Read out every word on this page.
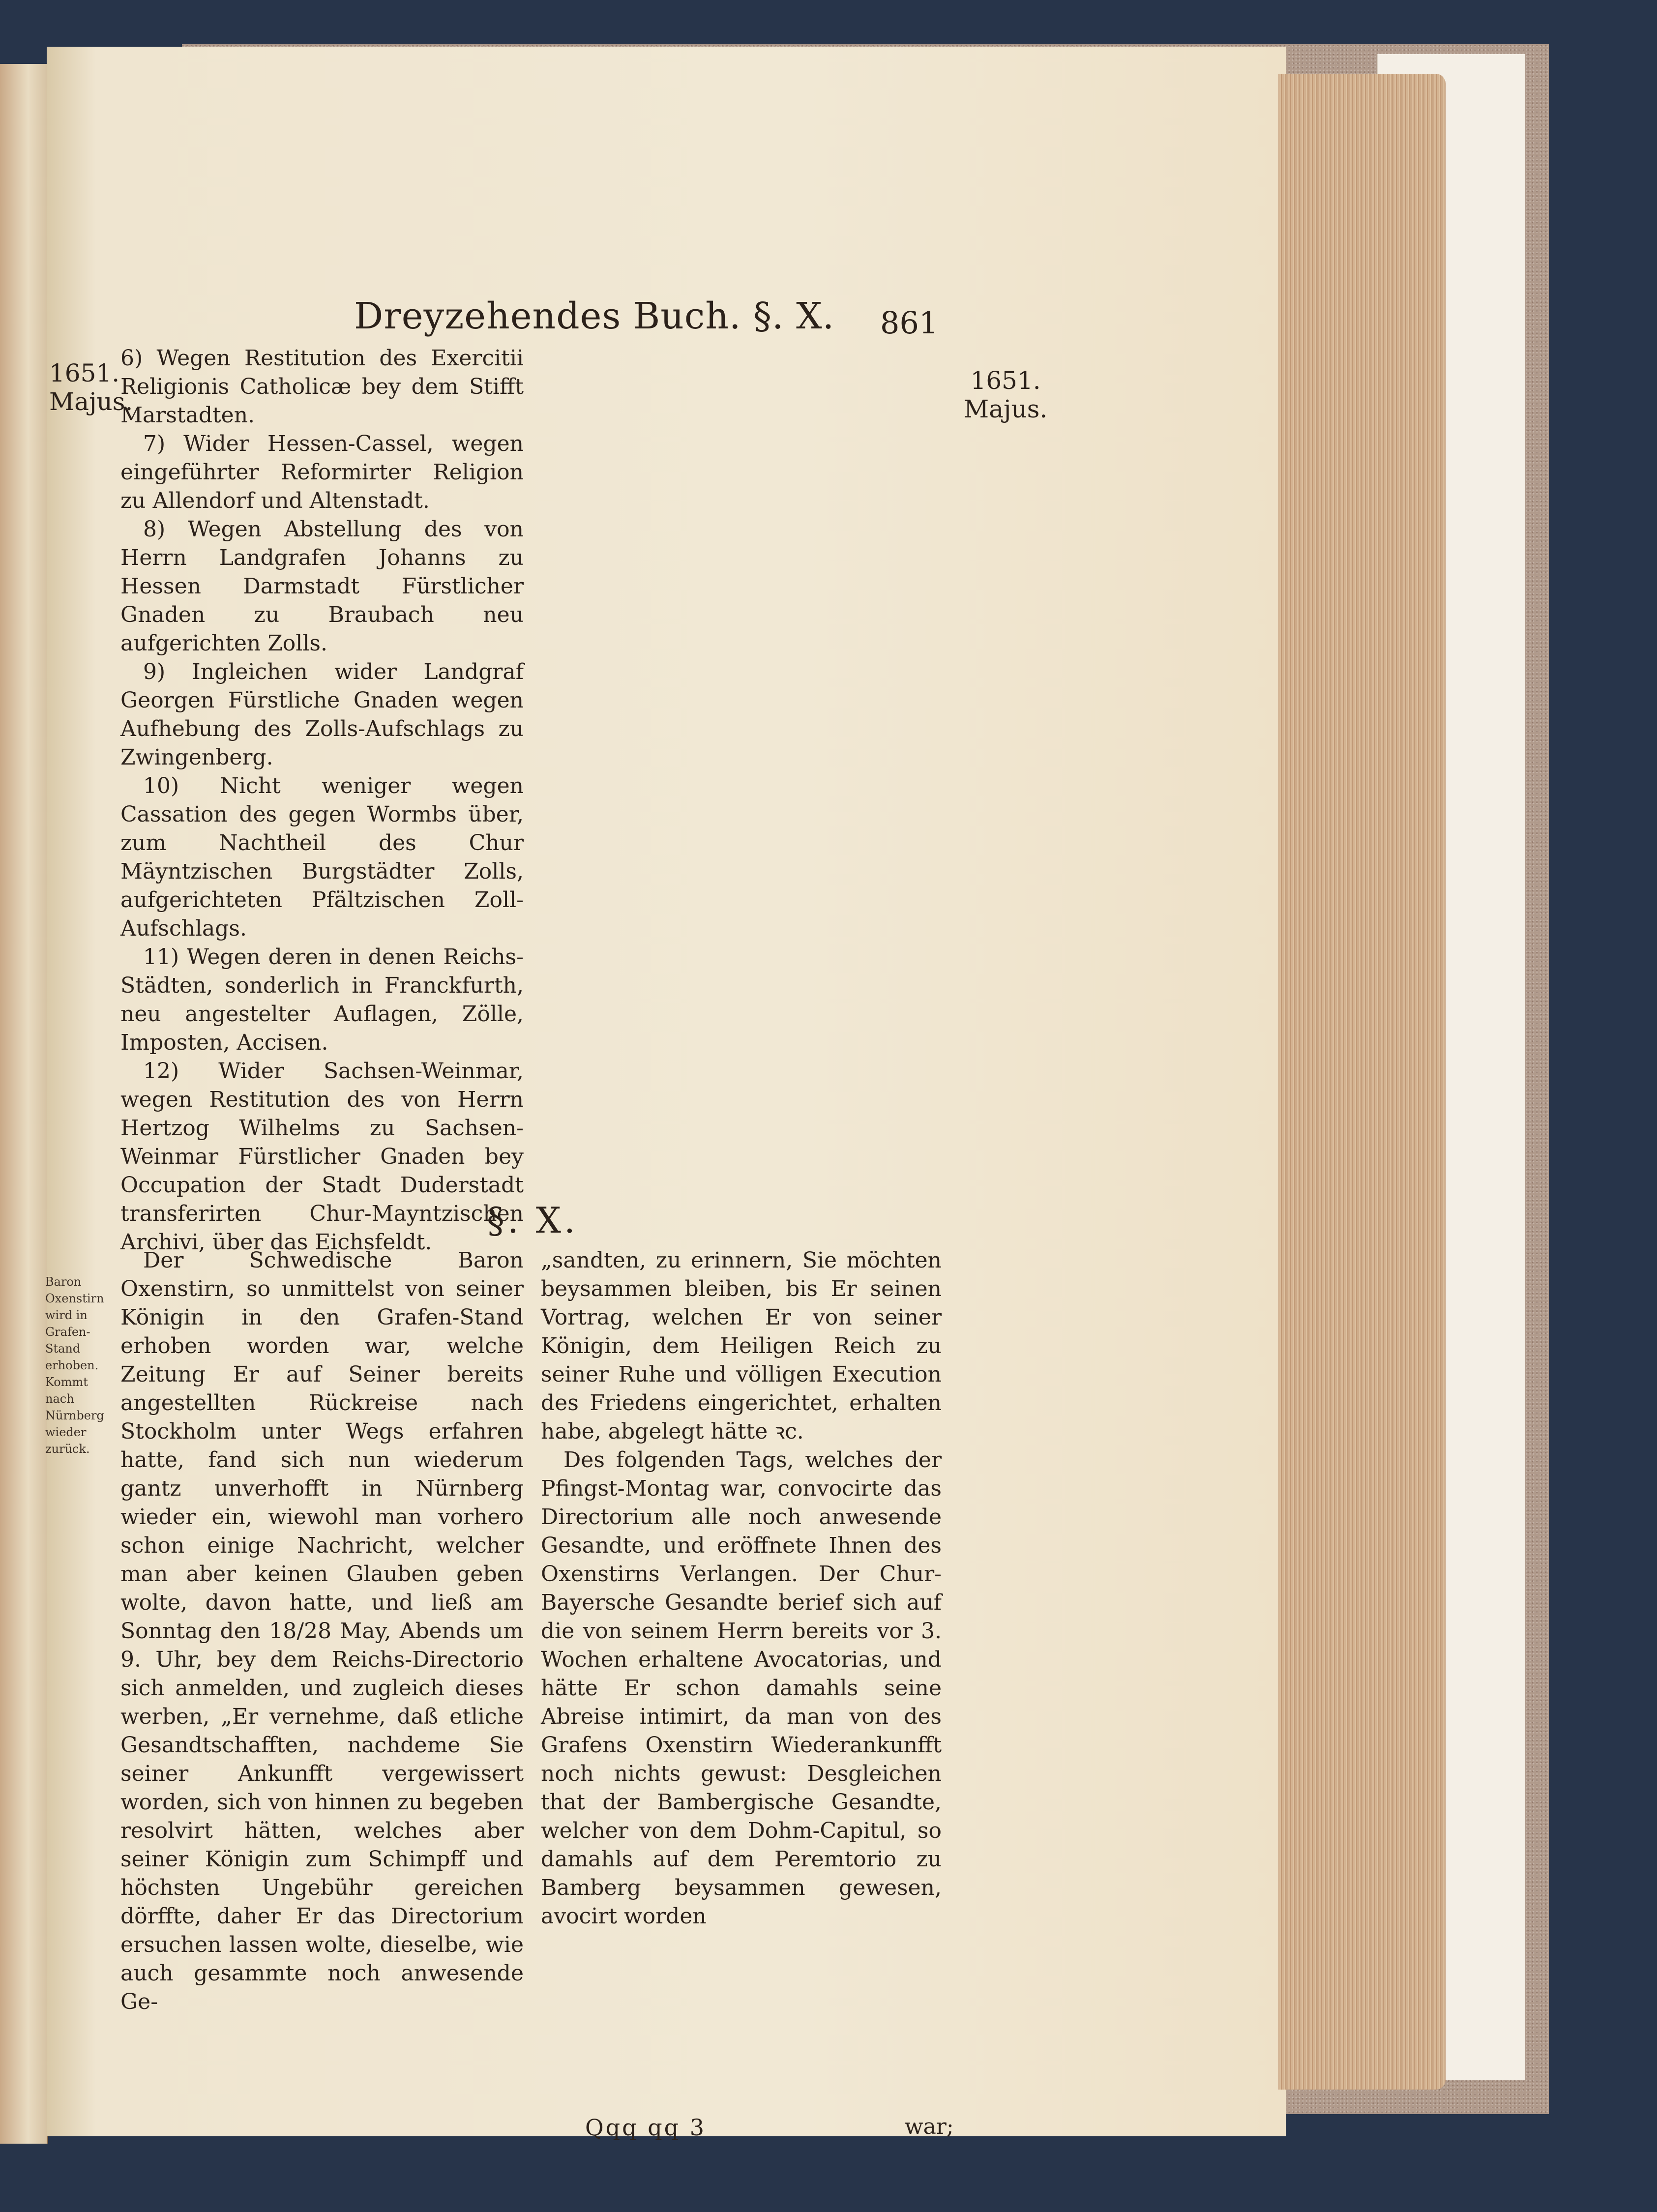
Dreyzehendes Buch. §. X. 861
1651.
Majus.
1651.
Majus.

6) Wegen Restitution des Exercitii Religionis Catholicæ bey dem Stifft Marstadten.

7) Wider Hessen-Cassel, wegen eingeführter Reformirter Religion zu Allendorf und Altenstadt.

8) Wegen Abstellung des von Herrn Landgrafen Johanns zu Hessen Darmstadt Fürstlicher Gnaden zu Braubach neu aufgerichten Zolls.

9) Ingleichen wider Landgraf Georgen Fürstliche Gnaden wegen Aufhebung des Zolls-Aufschlags zu Zwingenberg.

10) Nicht weniger wegen Cassation des gegen Wormbs über, zum Nachtheil des Chur Mäyntzischen Burgstädter Zolls, aufgerichteten Pfältzischen Zoll-Aufschlags.

11) Wegen deren in denen Reichs-Städten, sonderlich in Franckfurth, neu angestelter Auflagen, Zölle, Imposten, Accisen.

12) Wider Sachsen-Weinmar, wegen Restitution des von Herrn Hertzog Wilhelms zu Sachsen-Weinmar Fürstlicher Gnaden bey Occupation der Stadt Duderstadt transferirten Chur-Mayntzischen Archivi, über das Eichsfeldt.

§. X.

Baron Oxenstirn wird in Grafen-Stand erhoben.

Kommt nach Nürnberg wieder zurück.

Der Schwedische Baron Oxenstirn, so unmittelst von seiner Königin in den Grafen-Stand erhoben worden war, welche Zeitung Er auf Seiner bereits angestellten Rückreise nach Stockholm unter Wegs erfahren hatte, fand sich nun wiederum gantz unverhofft in Nürnberg wieder ein, wiewohl man vorhero schon einige Nachricht, welcher man aber keinen Glauben geben wolte, davon hatte, und ließ am Sonntag den 18/28 May, Abends um 9. Uhr, bey dem Reichs-Directorio sich anmelden, und zugleich dieses werben, „Er vernehme, daß etliche Gesandtschafften, nachdeme Sie seiner Ankunfft vergewissert worden, sich von hinnen zu begeben resolvirt hätten, welches aber seiner Königin zum Schimpff und höchsten Ungebühr gereichen dörffte, daher Er das Directorium ersuchen lassen wolte, dieselbe, wie auch gesammte noch anwesende Ge-

„sandten, zu erinnern, Sie möchten beysammen bleiben, bis Er seinen Vortrag, welchen Er von seiner Königin, dem Heiligen Reich zu seiner Ruhe und völligen Execution des Friedens eingerichtet, erhalten habe, abgelegt hätte ꝛc.

Des folgenden Tags, welches der Pfingst-Montag war, convocirte das Directorium alle noch anwesende Gesandte, und eröffnete Ihnen des Oxenstirns Verlangen. Der Chur-Bayersche Gesandte berief sich auf die von seinem Herrn bereits vor 3. Wochen erhaltene Avocatorias, und hätte Er schon damahls seine Abreise intimirt, da man von des Grafens Oxenstirn Wiederankunfft noch nichts gewust: Desgleichen that der Bambergische Gesandte, welcher von dem Dohm-Capitul, so damahls auf dem Peremtorio zu Bamberg beysammen gewesen, avocirt worden

Qqq qq 3	war;
